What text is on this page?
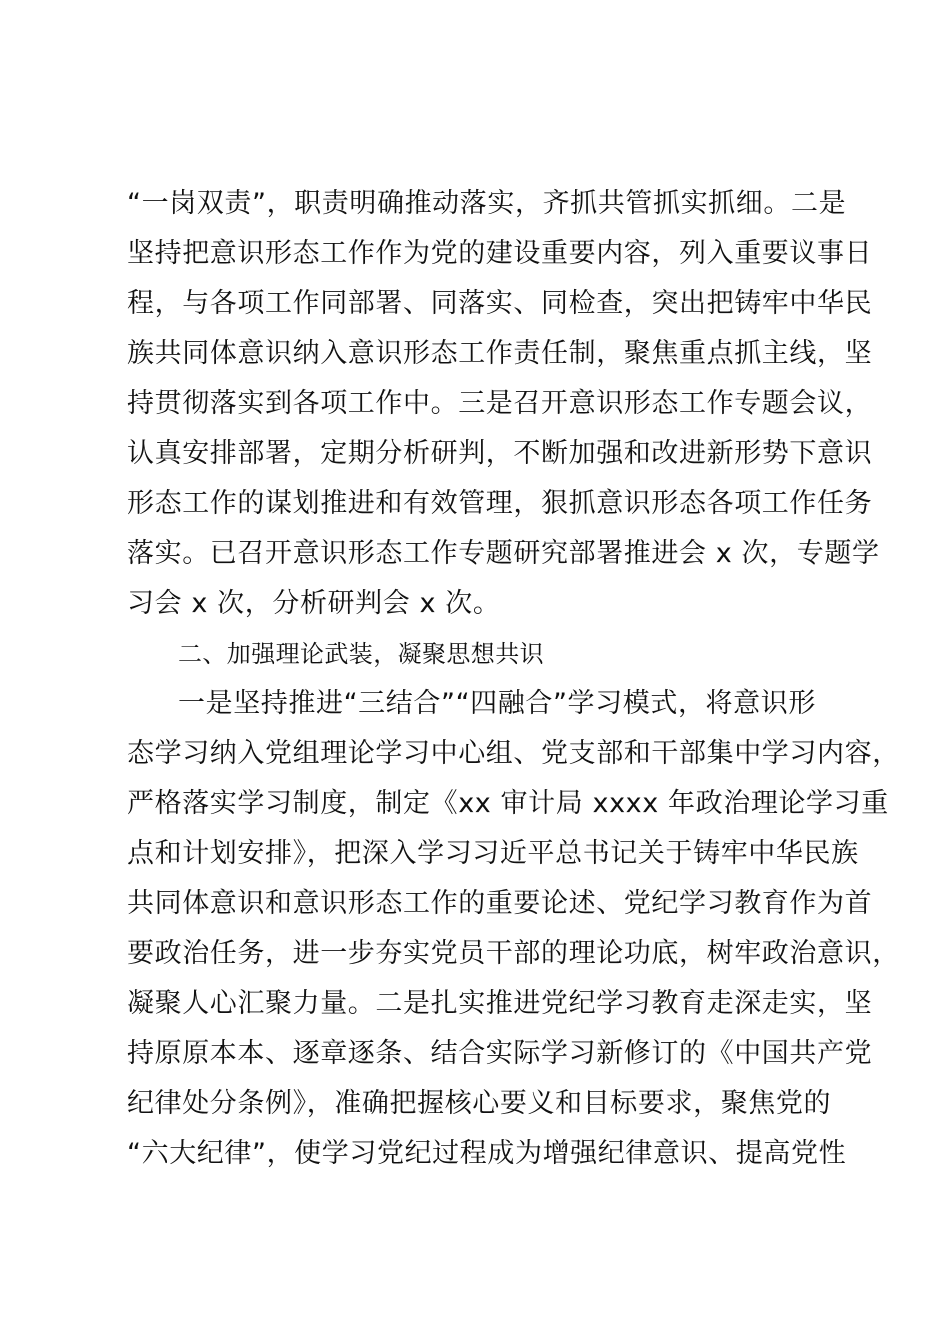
“一岗双责”，职责明确推动落实，齐抓共管抓实抓细。二是
坚持把意识形态工作作为党的建设重要内容，列入重要议事日
程，与各项工作同部署、同落实、同检查，突出把铸牢中华民
族共同体意识纳入意识形态工作责任制，聚焦重点抓主线，坚
持贯彻落实到各项工作中。三是召开意识形态工作专题会议，
认真安排部署，定期分析研判，不断加强和改进新形势下意识
形态工作的谋划推进和有效管理，狠抓意识形态各项工作任务
落实。已召开意识形态工作专题研究部署推进会 x 次，专题学
习会 x 次，分析研判会 x 次。
二、加强理论武装，凝聚思想共识
一是坚持推进“三结合”“四融合”学习模式，将意识形
态学习纳入党组理论学习中心组、党支部和干部集中学习内容，
严格落实学习制度，制定《xx 审计局 xxxx 年政治理论学习重
点和计划安排》，把深入学习习近平总书记关于铸牢中华民族
共同体意识和意识形态工作的重要论述、党纪学习教育作为首
要政治任务，进一步夯实党员干部的理论功底，树牢政治意识，
凝聚人心汇聚力量。二是扎实推进党纪学习教育走深走实，坚
持原原本本、逐章逐条、结合实际学习新修订的《中国共产党
纪律处分条例》，准确把握核心要义和目标要求，聚焦党的
“六大纪律”，使学习党纪过程成为增强纪律意识、提高党性
